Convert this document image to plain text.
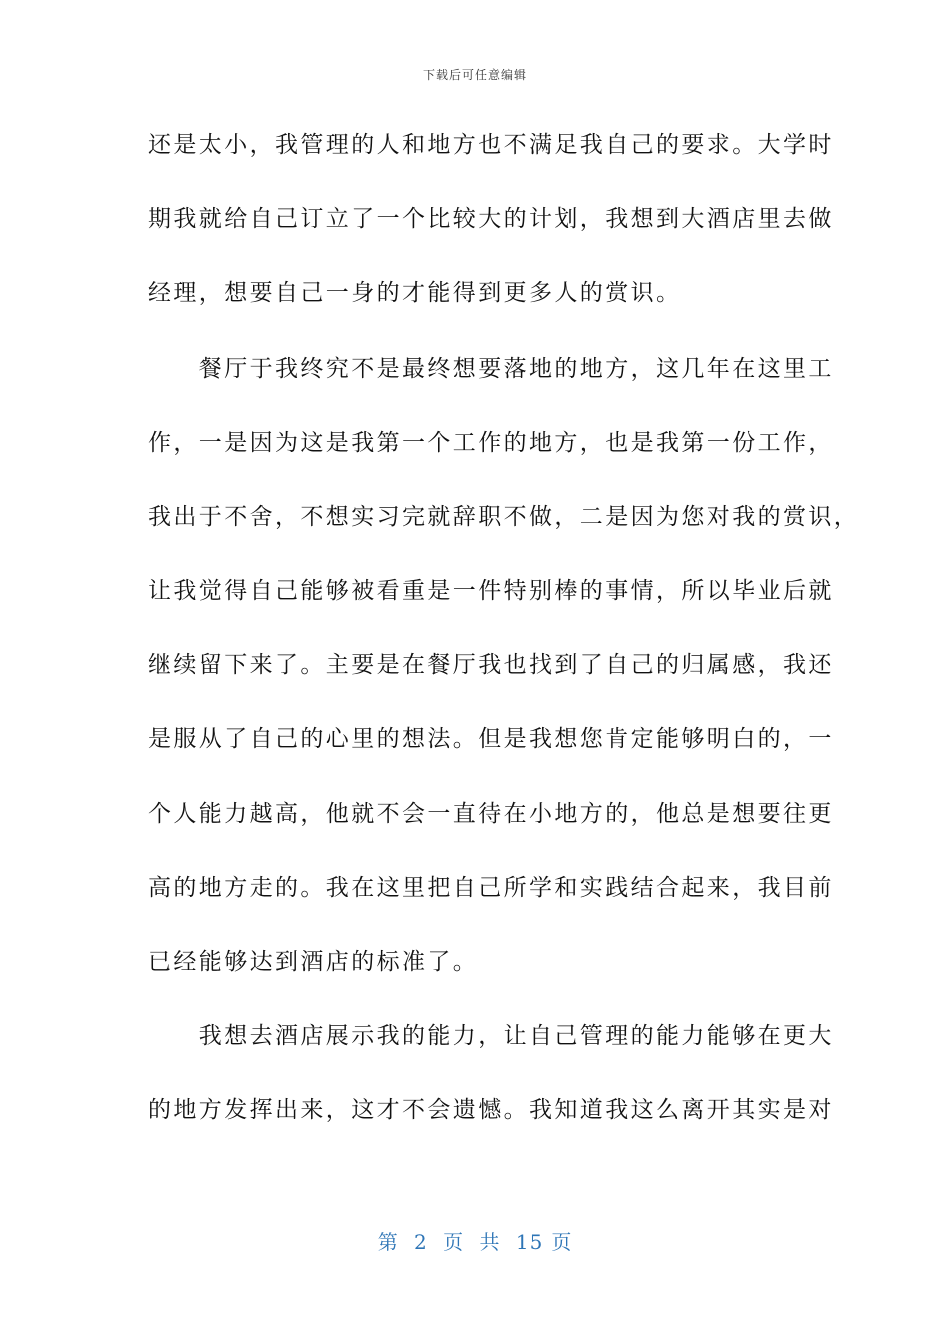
下载后可任意编辑
还是太小，我管理的人和地方也不满足我自己的要求。大学时
期我就给自己订立了一个比较大的计划，我想到大酒店里去做
经理，想要自己一身的才能得到更多人的赏识。
　　餐厅于我终究不是最终想要落地的地方，这几年在这里工
作，一是因为这是我第一个工作的地方，也是我第一份工作，
我出于不舍，不想实习完就辞职不做，二是因为您对我的赏识，
让我觉得自己能够被看重是一件特别棒的事情，所以毕业后就
继续留下来了。主要是在餐厅我也找到了自己的归属感，我还
是服从了自己的心里的想法。但是我想您肯定能够明白的，一
个人能力越高，他就不会一直待在小地方的，他总是想要往更
高的地方走的。我在这里把自己所学和实践结合起来，我目前
已经能够达到酒店的标准了。
　　我想去酒店展示我的能力，让自己管理的能力能够在更大
的地方发挥出来，这才不会遗憾。我知道我这么离开其实是对
第 2 页 共 15 页
